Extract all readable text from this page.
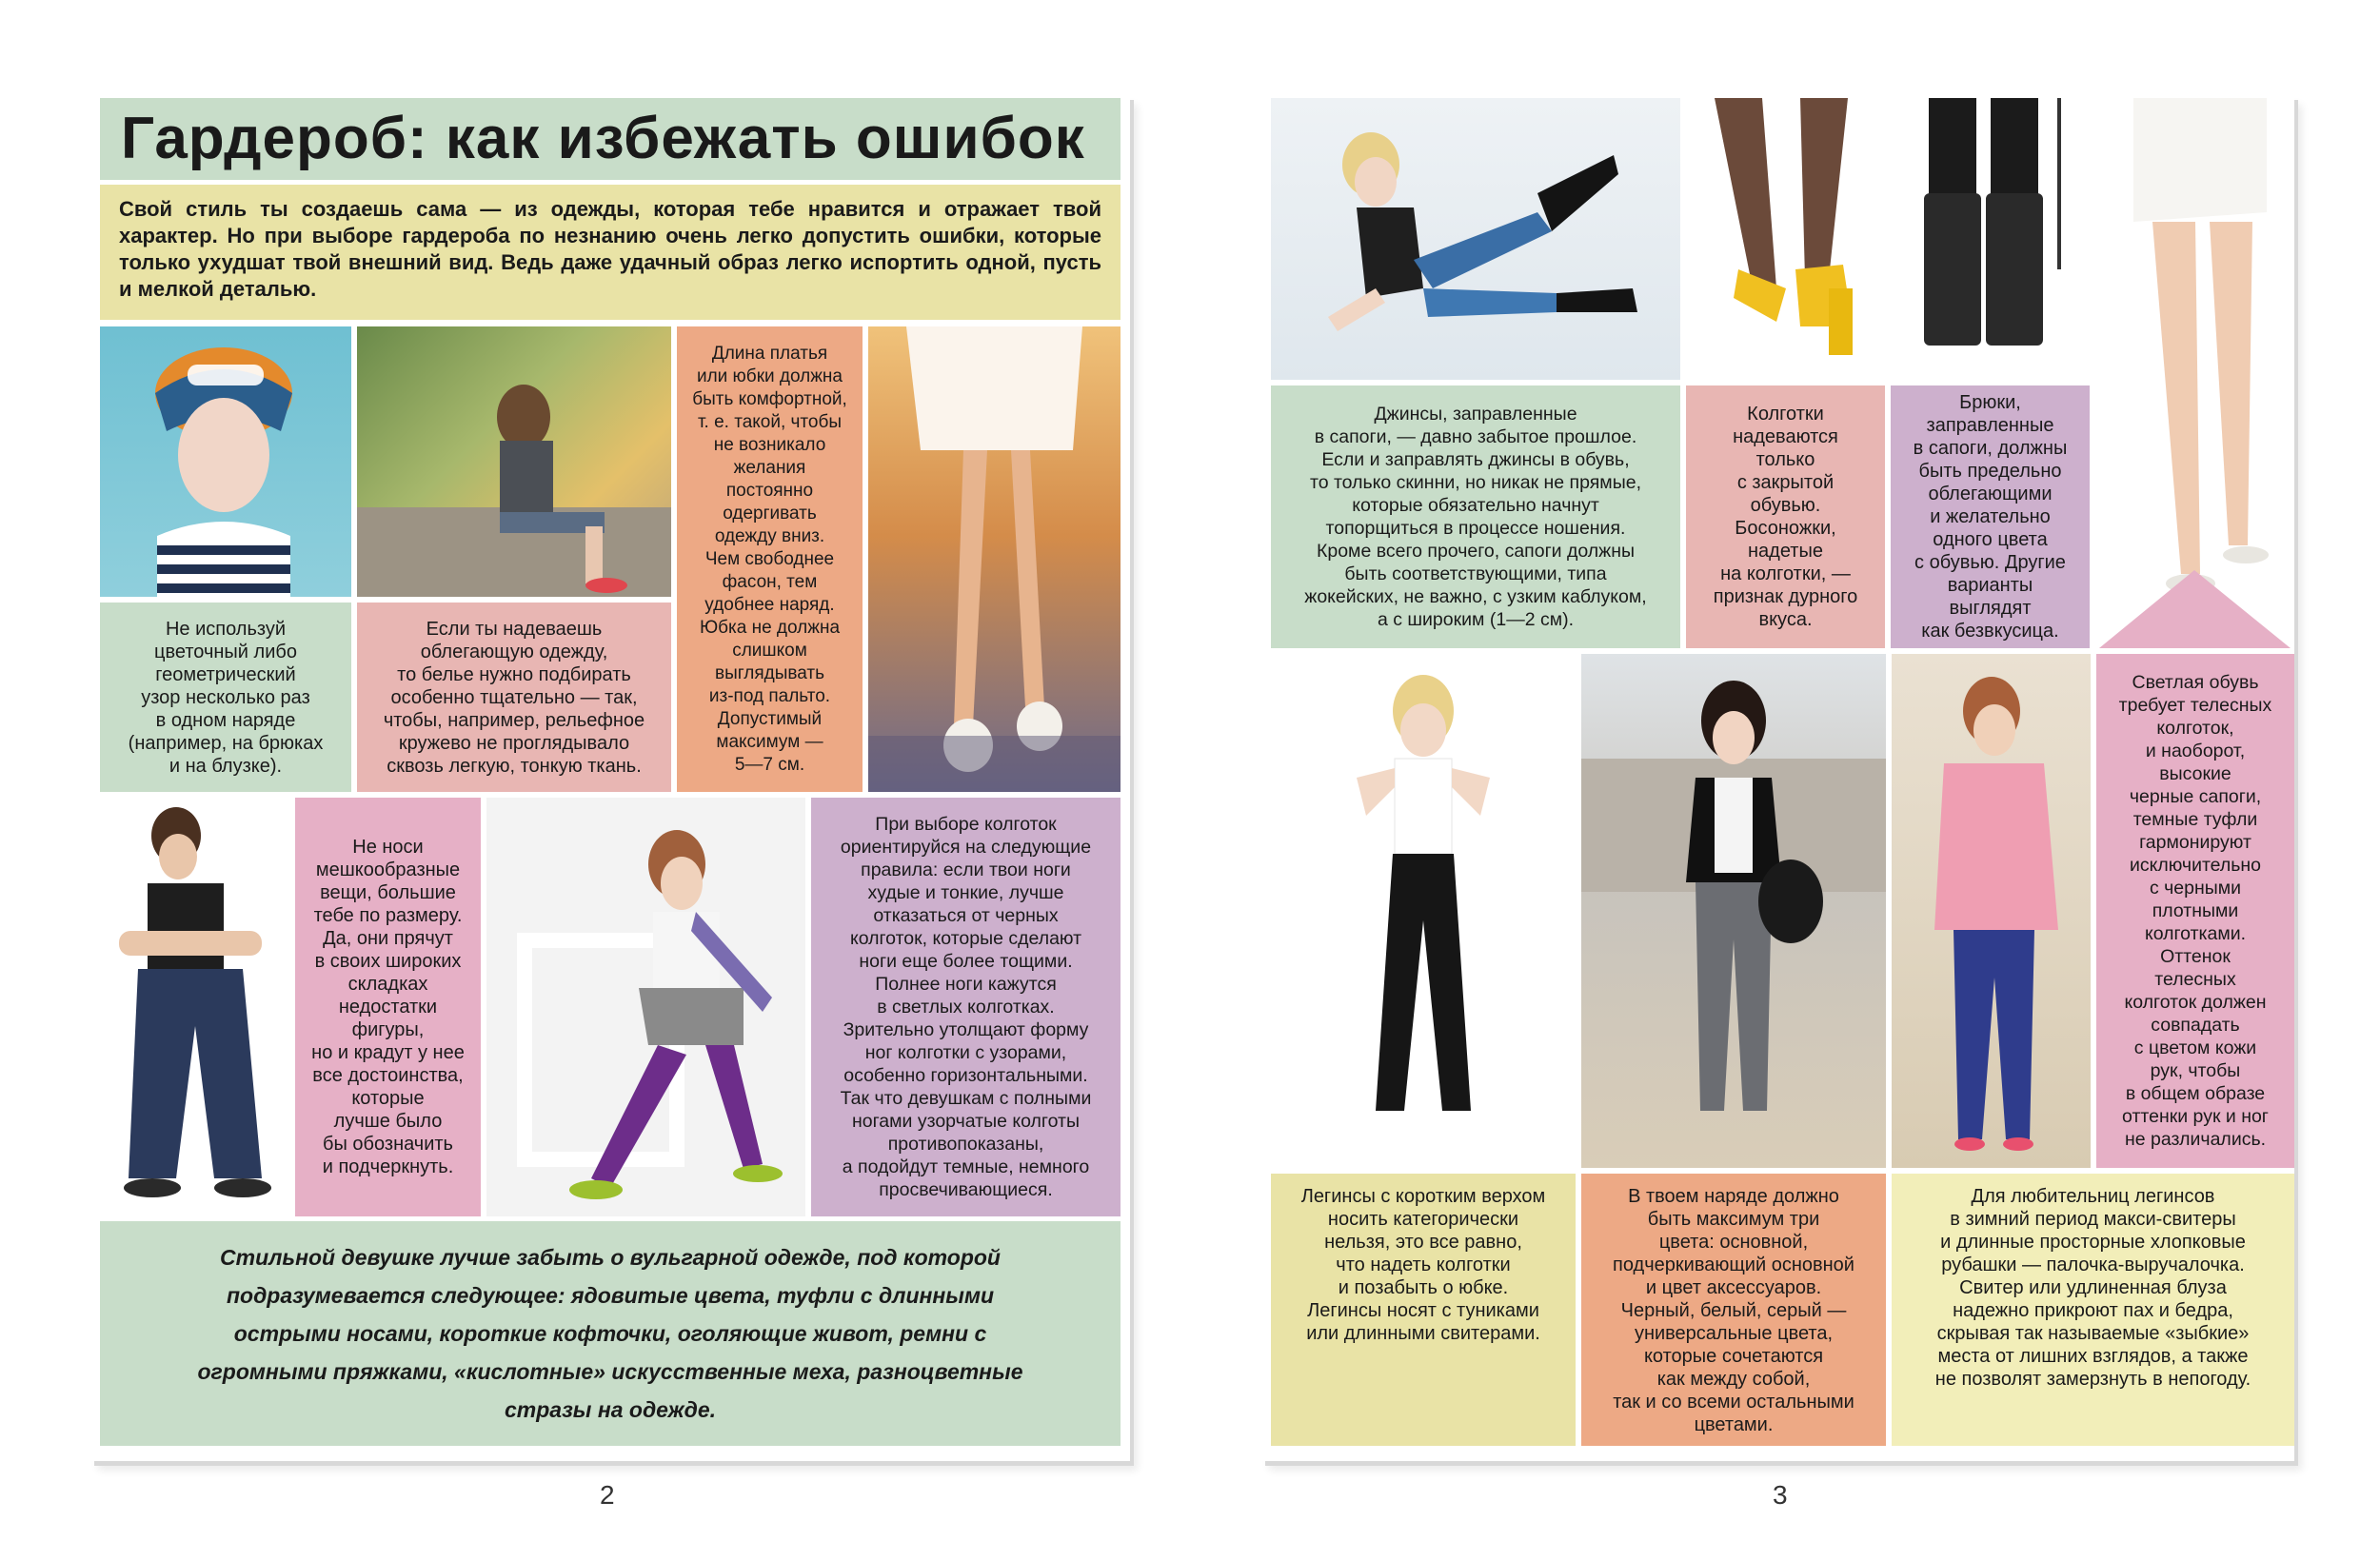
Гардероб: как избежать ошибок
Свой стиль ты создаешь сама — из одежды, которая тебе нравится и отражает твой характер. Но при выборе гардероба по незнанию очень легко допустить ошибки, которые только ухудшат твой внешний вид. Ведь даже удачный образ легко испортить одной, пусть и мелкой деталью.
Длина платья
или юбки должна
быть комфортной,
т. е. такой, чтобы
не возникало
желания
постоянно
одергивать
одежду вниз.
Чем свободнее
фасон, тем
удобнее наряд.
Юбка не должна
слишком
выглядывать
из-под пальто.
Допустимый
максимум —
5—7 см.
Не используй
цветочный либо
геометрический
узор несколько раз
в одном наряде
(например, на брюках
и на блузке).
Если ты надеваешь
облегающую одежду,
то белье нужно подбирать
особенно тщательно — так,
чтобы, например, рельефное
кружево не проглядывало
сквозь легкую, тонкую ткань.
Не носи
мешкообразные
вещи, большие
тебе по размеру.
Да, они прячут
в своих широких
складках
недостатки
фигуры,
но и крадут у нее
все достоинства,
которые
лучше было
бы обозначить
и подчеркнуть.
При выборе колготок
ориентируйся на следующие
правила: если твои ноги
худые и тонкие, лучше
отказаться от черных
колготок, которые сделают
ноги еще более тощими.
Полнее ноги кажутся
в светлых колготках.
Зрительно утолщают форму
ног колготки с узорами,
особенно горизонтальными.
Так что девушкам с полными
ногами узорчатые колготы
противопоказаны,
а подойдут темные, немного
просвечивающиеся.
Стильной девушке лучше забыть о вульгарной одежде, под которой подразумевается следующее: ядовитые цвета, туфли с длинными острыми носами, короткие кофточки, оголяющие живот, ремни с огромными пряжками, «кислотные» искусственные меха, разноцветные стразы на одежде.
2
Джинсы, заправленные
в сапоги, — давно забытое прошлое.
Если и заправлять джинсы в обувь,
то только скинни, но никак не прямые,
которые обязательно начнут
топорщиться в процессе ношения.
Кроме всего прочего, сапоги должны
быть соответствующими, типа
жокейских, не важно, с узким каблуком,
а с широким (1—2 см).
Колготки
надеваются
только
с закрытой
обувью.
Босоножки,
надетые
на колготки, —
признак дурного
вкуса.
Брюки,
заправленные
в сапоги, должны
быть предельно
облегающими
и желательно
одного цвета
с обувью. Другие
варианты выглядят
как безвкусица.
Светлая обувь
требует телесных
колготок,
и наоборот,
высокие
черные сапоги,
темные туфли
гармонируют
исключительно
с черными
плотными
колготками.
Оттенок
телесных
колготок должен
совпадать
с цветом кожи
рук, чтобы
в общем образе
оттенки рук и ног
не различались.
Легинсы с коротким верхом
носить категорически
нельзя, это все равно,
что надеть колготки
и позабыть о юбке.
Легинсы носят с туниками
или длинными свитерами.
В твоем наряде должно
быть максимум три
цвета: основной,
подчеркивающий основной
и цвет аксессуаров.
Черный, белый, серый —
универсальные цвета,
которые сочетаются
как между собой,
так и со всеми остальными
цветами.
Для любительниц легинсов
в зимний период макси-свитеры
и длинные просторные хлопковые
рубашки — палочка-выручалочка.
Свитер или удлиненная блуза
надежно прикроют пах и бедра,
скрывая так называемые «зыбкие»
места от лишних взглядов, а также
не позволят замерзнуть в непогоду.
3
